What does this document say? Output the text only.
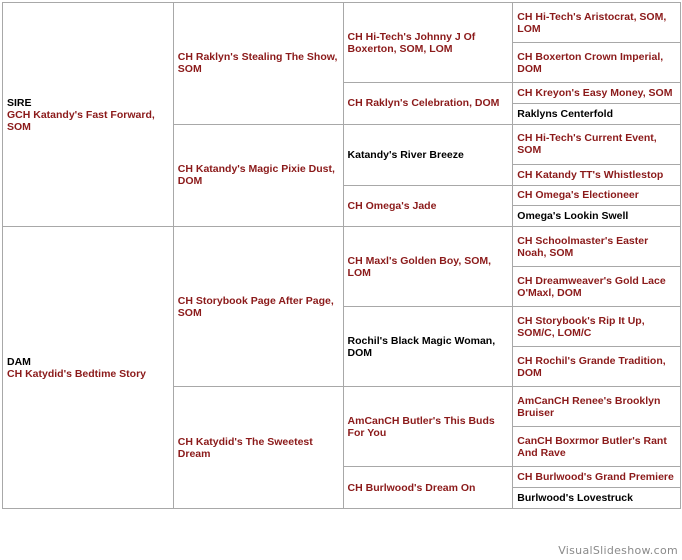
SIRE
GCH Katandy's Fast Forward, SOM	CH Raklyn's Stealing The Show, SOM	CH Hi-Tech's Johnny J Of Boxerton, SOM, LOM	CH Hi-Tech's Aristocrat, SOM, LOM
			CH Boxerton Crown Imperial, DOM
		CH Raklyn's Celebration, DOM	CH Kreyon's Easy Money, SOM
			Raklyns Centerfold
	CH Katandy's Magic Pixie Dust, DOM	Katandy's River Breeze	CH Hi-Tech's Current Event, SOM
			CH Katandy TT's Whistlestop
		CH Omega's Jade	CH Omega's Electioneer
			Omega's Lookin Swell

DAM
CH Katydid's Bedtime Story	CH Storybook Page After Page, SOM	CH Maxl's Golden Boy, SOM, LOM	CH Schoolmaster's Easter Noah, SOM
			CH Dreamweaver's Gold Lace O'Maxl, DOM
		Rochil's Black Magic Woman, DOM	CH Storybook's Rip It Up, SOM/C, LOM/C
			CH Rochil's Grande Tradition, DOM
	CH Katydid's The Sweetest Dream	AmCanCH Butler's This Buds For You	AmCanCH Renee's Brooklyn Bruiser
			CanCH Boxrmor Butler's Rant And Rave
		CH Burlwood's Dream On	CH Burlwood's Grand Premiere
			Burlwood's Lovestruck
VisualSlideshow.com
